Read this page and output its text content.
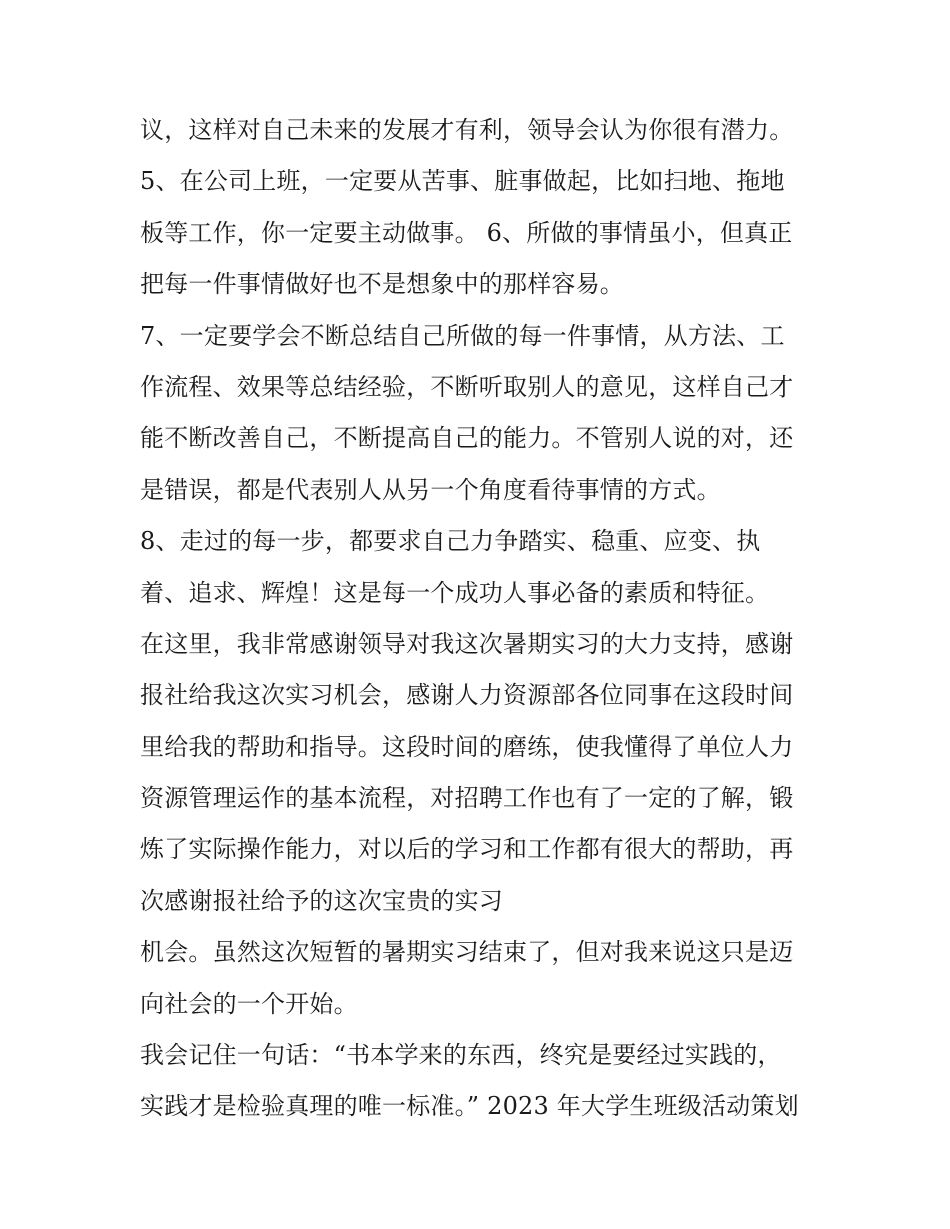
议，这样对自己未来的发展才有利，领导会认为你很有潜力。
5、在公司上班，一定要从苦事、脏事做起，比如扫地、拖地
板等工作，你一定要主动做事。 6、所做的事情虽小，但真正
把每一件事情做好也不是想象中的那样容易。
7、一定要学会不断总结自己所做的每一件事情，从方法、工
作流程、效果等总结经验，不断听取别人的意见，这样自己才
能不断改善自己，不断提高自己的能力。不管别人说的对，还
是错误，都是代表别人从另一个角度看待事情的方式。
8、走过的每一步，都要求自己力争踏实、稳重、应变、执
着、追求、辉煌！这是每一个成功人事必备的素质和特征。
在这里，我非常感谢领导对我这次暑期实习的大力支持，感谢
报社给我这次实习机会，感谢人力资源部各位同事在这段时间
里给我的帮助和指导。这段时间的磨练，使我懂得了单位人力
资源管理运作的基本流程，对招聘工作也有了一定的了解，锻
炼了实际操作能力，对以后的学习和工作都有很大的帮助，再
次感谢报社给予的这次宝贵的实习
机会。虽然这次短暂的暑期实习结束了，但对我来说这只是迈
向社会的一个开始。
我会记住一句话：“书本学来的东西，终究是要经过实践的，
实践才是检验真理的唯一标准。” 2023 年大学生班级活动策划
